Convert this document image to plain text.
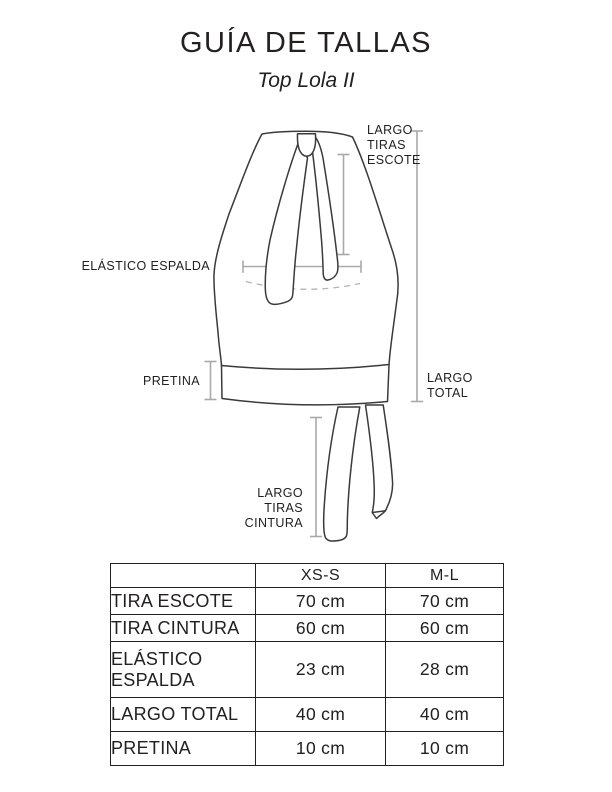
GUÍA DE TALLAS
Top Lola II
LARGO
TIRAS
ESCOTE
ELÁSTICO ESPALDA
PRETINA	LARGO
TOTAL
LARGO
TIRAS
CINTURA
	XS-S	M-L
TIRA ESCOTE	70 cm	70 cm
TIRA CINTURA	60 cm	60 cm
ELÁSTICO ESPALDA	23 cm	28 cm
LARGO TOTAL	40 cm	40 cm
PRETINA	10 cm	10 cm
